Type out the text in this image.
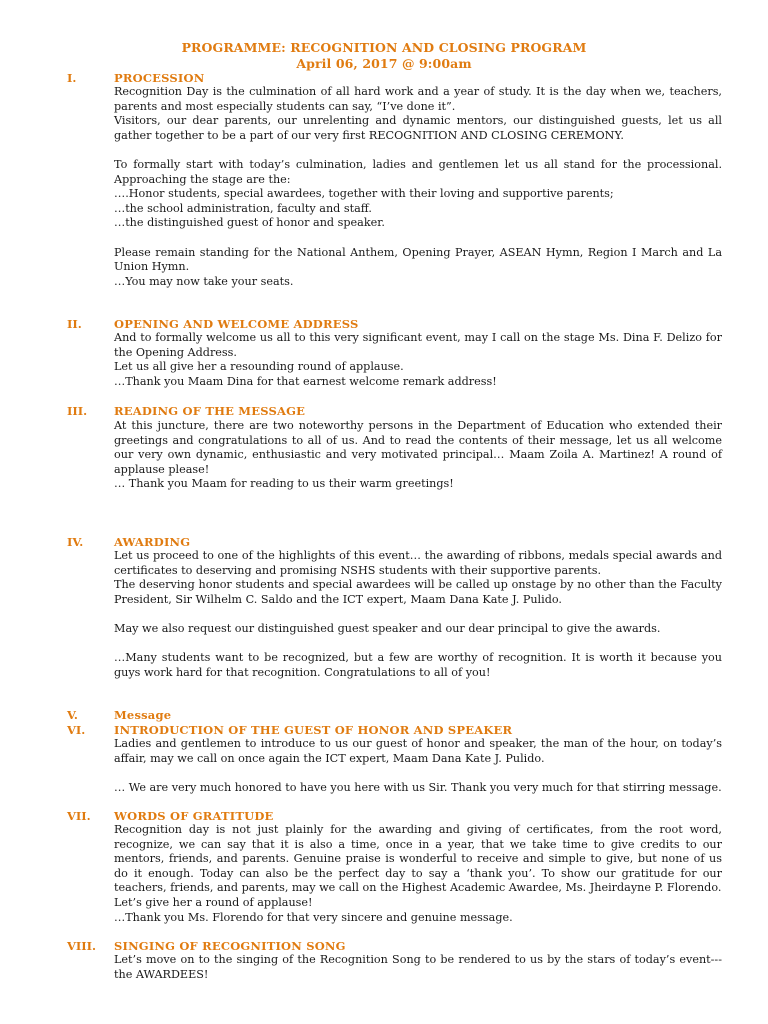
PROGRAMME: RECOGNITION AND CLOSING PROGRAM
April 06, 2017 @ 9:00am
I.	PROCESSION

Recognition Day is the culmination of all hard work and a year of study. It is the day when we, teachers, parents and most especially students can say, “I’ve done it”.

Visitors, our dear parents, our unrelenting and dynamic mentors, our distinguished guests, let us all gather together to be a part of our very first RECOGNITION AND CLOSING CEREMONY.

To formally start with today’s culmination, ladies and gentlemen let us all stand for the processional. Approaching the stage are the:

….Honor students, special awardees, together with their loving and supportive parents;

…the school administration, faculty and staff.

…the distinguished guest of honor and speaker.

Please remain standing for the National Anthem, Opening Prayer, ASEAN Hymn, Region I March and La Union Hymn.

…You may now take your seats.

II.	OPENING AND WELCOME ADDRESS

And to formally welcome us all to this very significant event, may I call on the stage Ms. Dina F. Delizo for the Opening Address.

Let us all give her a resounding round of applause.

…Thank you Maam Dina for that earnest welcome remark address!

III. READING OF THE MESSAGE

At this juncture, there are two noteworthy persons in the Department of Education who extended their greetings and congratulations to all of us. And to read the contents of their message, let us all welcome our very own dynamic, enthusiastic and very motivated principal… Maam Zoila A. Martinez! A round of applause please!

… Thank you Maam for reading to us their warm greetings!

IV.	AWARDING

Let us proceed to one of the highlights of this event… the awarding of ribbons, medals special awards and certificates to deserving and promising NSHS students with their supportive parents.

The deserving honor students and special awardees will be called up onstage by no other than the Faculty President, Sir Wilhelm C. Saldo and the ICT expert, Maam Dana Kate J. Pulido.

May we also request our distinguished guest speaker and our dear principal to give the awards.

…Many students want to be recognized, but a few are worthy of recognition. It is worth it because you guys work hard for that recognition. Congratulations to all of you!

V.	Message
VI. INTRODUCTION OF THE GUEST OF HONOR AND SPEAKER

Ladies and gentlemen to introduce to us our guest of honor and speaker, the man of the hour, on today’s affair, may we call on once again the ICT expert, Maam Dana Kate J. Pulido.

… We are very much honored to have you here with us Sir. Thank you very much for that stirring message.

VII. WORDS OF GRATITUDE

Recognition day is not just plainly for the awarding and giving of certificates, from the root word, recognize, we can say that it is also a time, once in a year, that we take time to give credits to our mentors, friends, and parents. Genuine praise is wonderful to receive and simple to give, but none of us do it enough. Today can also be the perfect day to say a ‘thank you’. To show our gratitude for our teachers, friends, and parents, may we call on the Highest Academic Awardee, Ms. Jheirdayne P. Florendo.

Let’s give her a round of applause!

…Thank you Ms. Florendo for that very sincere and genuine message.

VIII. SINGING OF RECOGNITION SONG

Let’s move on to the singing of the Recognition Song to be rendered to us by the stars of today’s event--- the AWARDEES!
